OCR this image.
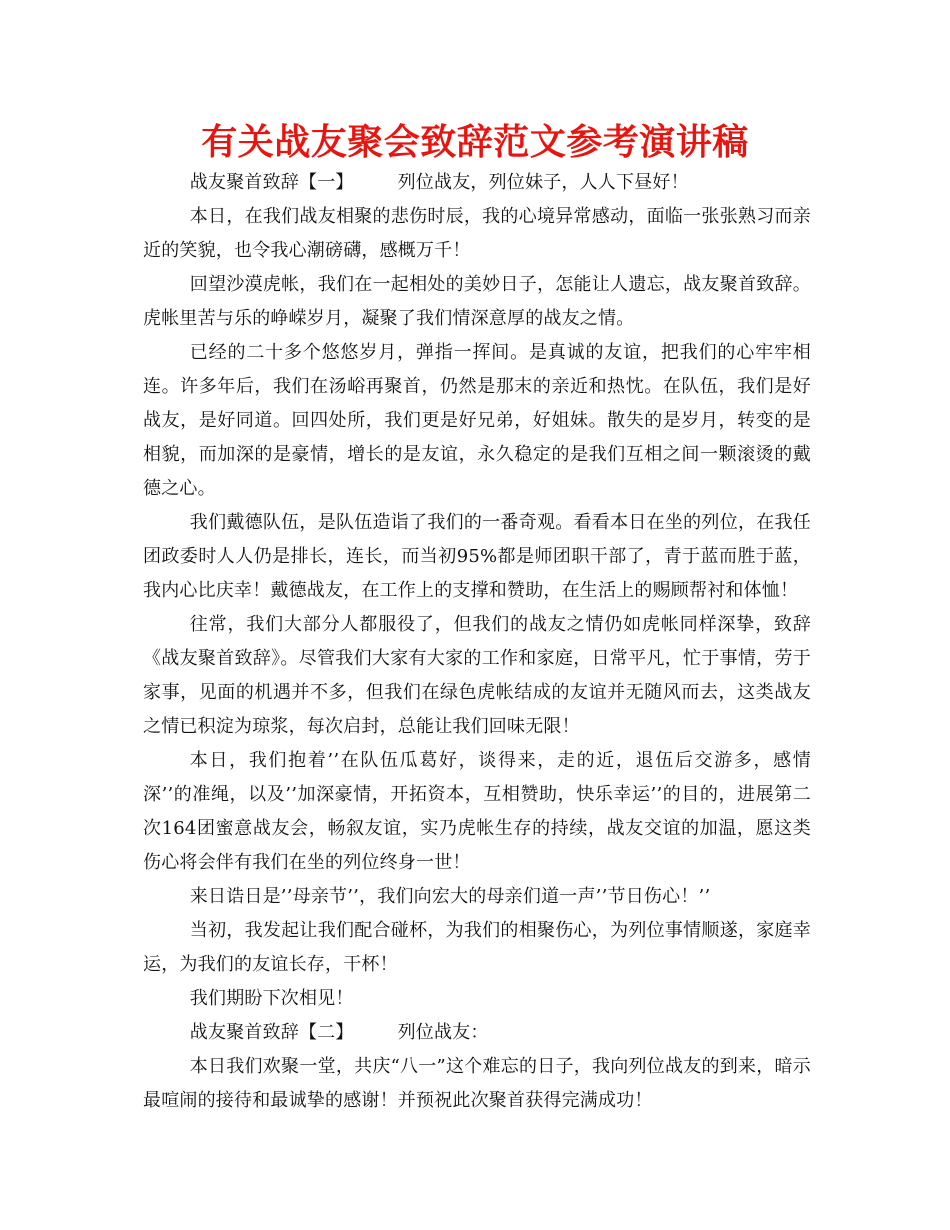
有关战友聚会致辞范文参考演讲稿

战友聚首致辞【一】 列位战友，列位妹子，人人下昼好！

本日，在我们战友相聚的悲伤时辰，我的心境异常感动，面临一张张熟习而亲近的笑貌，也令我心潮磅礴，感概万千！

回望沙漠虎帐，我们在一起相处的美妙日子，怎能让人遗忘，战友聚首致辞。虎帐里苦与乐的峥嵘岁月，凝聚了我们情深意厚的战友之情。

已经的二十多个悠悠岁月，弹指一挥间。是真诚的友谊，把我们的心牢牢相连。许多年后，我们在汤峪再聚首，仍然是那末的亲近和热忱。在队伍，我们是好战友，是好同道。回四处所，我们更是好兄弟，好姐妹。散失的是岁月，转变的是相貌，而加深的是豪情，增长的是友谊，永久稳定的是我们互相之间一颗滚烫的戴德之心。

我们戴德队伍，是队伍造诣了我们的一番奇观。看看本日在坐的列位，在我任团政委时人人仍是排长，连长，而当初95%都是师团职干部了，青于蓝而胜于蓝，我内心比庆幸！戴德战友，在工作上的支撑和赞助，在生活上的赐顾帮衬和体恤！

往常，我们大部分人都服役了，但我们的战友之情仍如虎帐同样深挚，致辞《战友聚首致辞》。尽管我们大家有大家的工作和家庭，日常平凡，忙于事情，劳于家事，见面的机遇并不多，但我们在绿色虎帐结成的友谊并无随风而去，这类战友之情已积淀为琼浆，每次启封，总能让我们回味无限！

本日，我们抱着’’在队伍瓜葛好，谈得来，走的近，退伍后交游多，感情深’’的准绳，以及’’加深豪情，开拓资本，互相赞助，快乐幸运’’的目的，进展第二次164团蜜意战友会，畅叙友谊，实乃虎帐生存的持续，战友交谊的加温，愿这类伤心将会伴有我们在坐的列位终身一世！

来日诰日是’’母亲节’’，我们向宏大的母亲们道一声’’节日伤心！’’

当初，我发起让我们配合碰杯，为我们的相聚伤心，为列位事情顺遂，家庭幸运，为我们的友谊长存，干杯！

我们期盼下次相见！

战友聚首致辞【二】 列位战友：

本日我们欢聚一堂，共庆“八一”这个难忘的日子，我向列位战友的到来，暗示最喧闹的接待和最诚挚的感谢！并预祝此次聚首获得完满成功！
